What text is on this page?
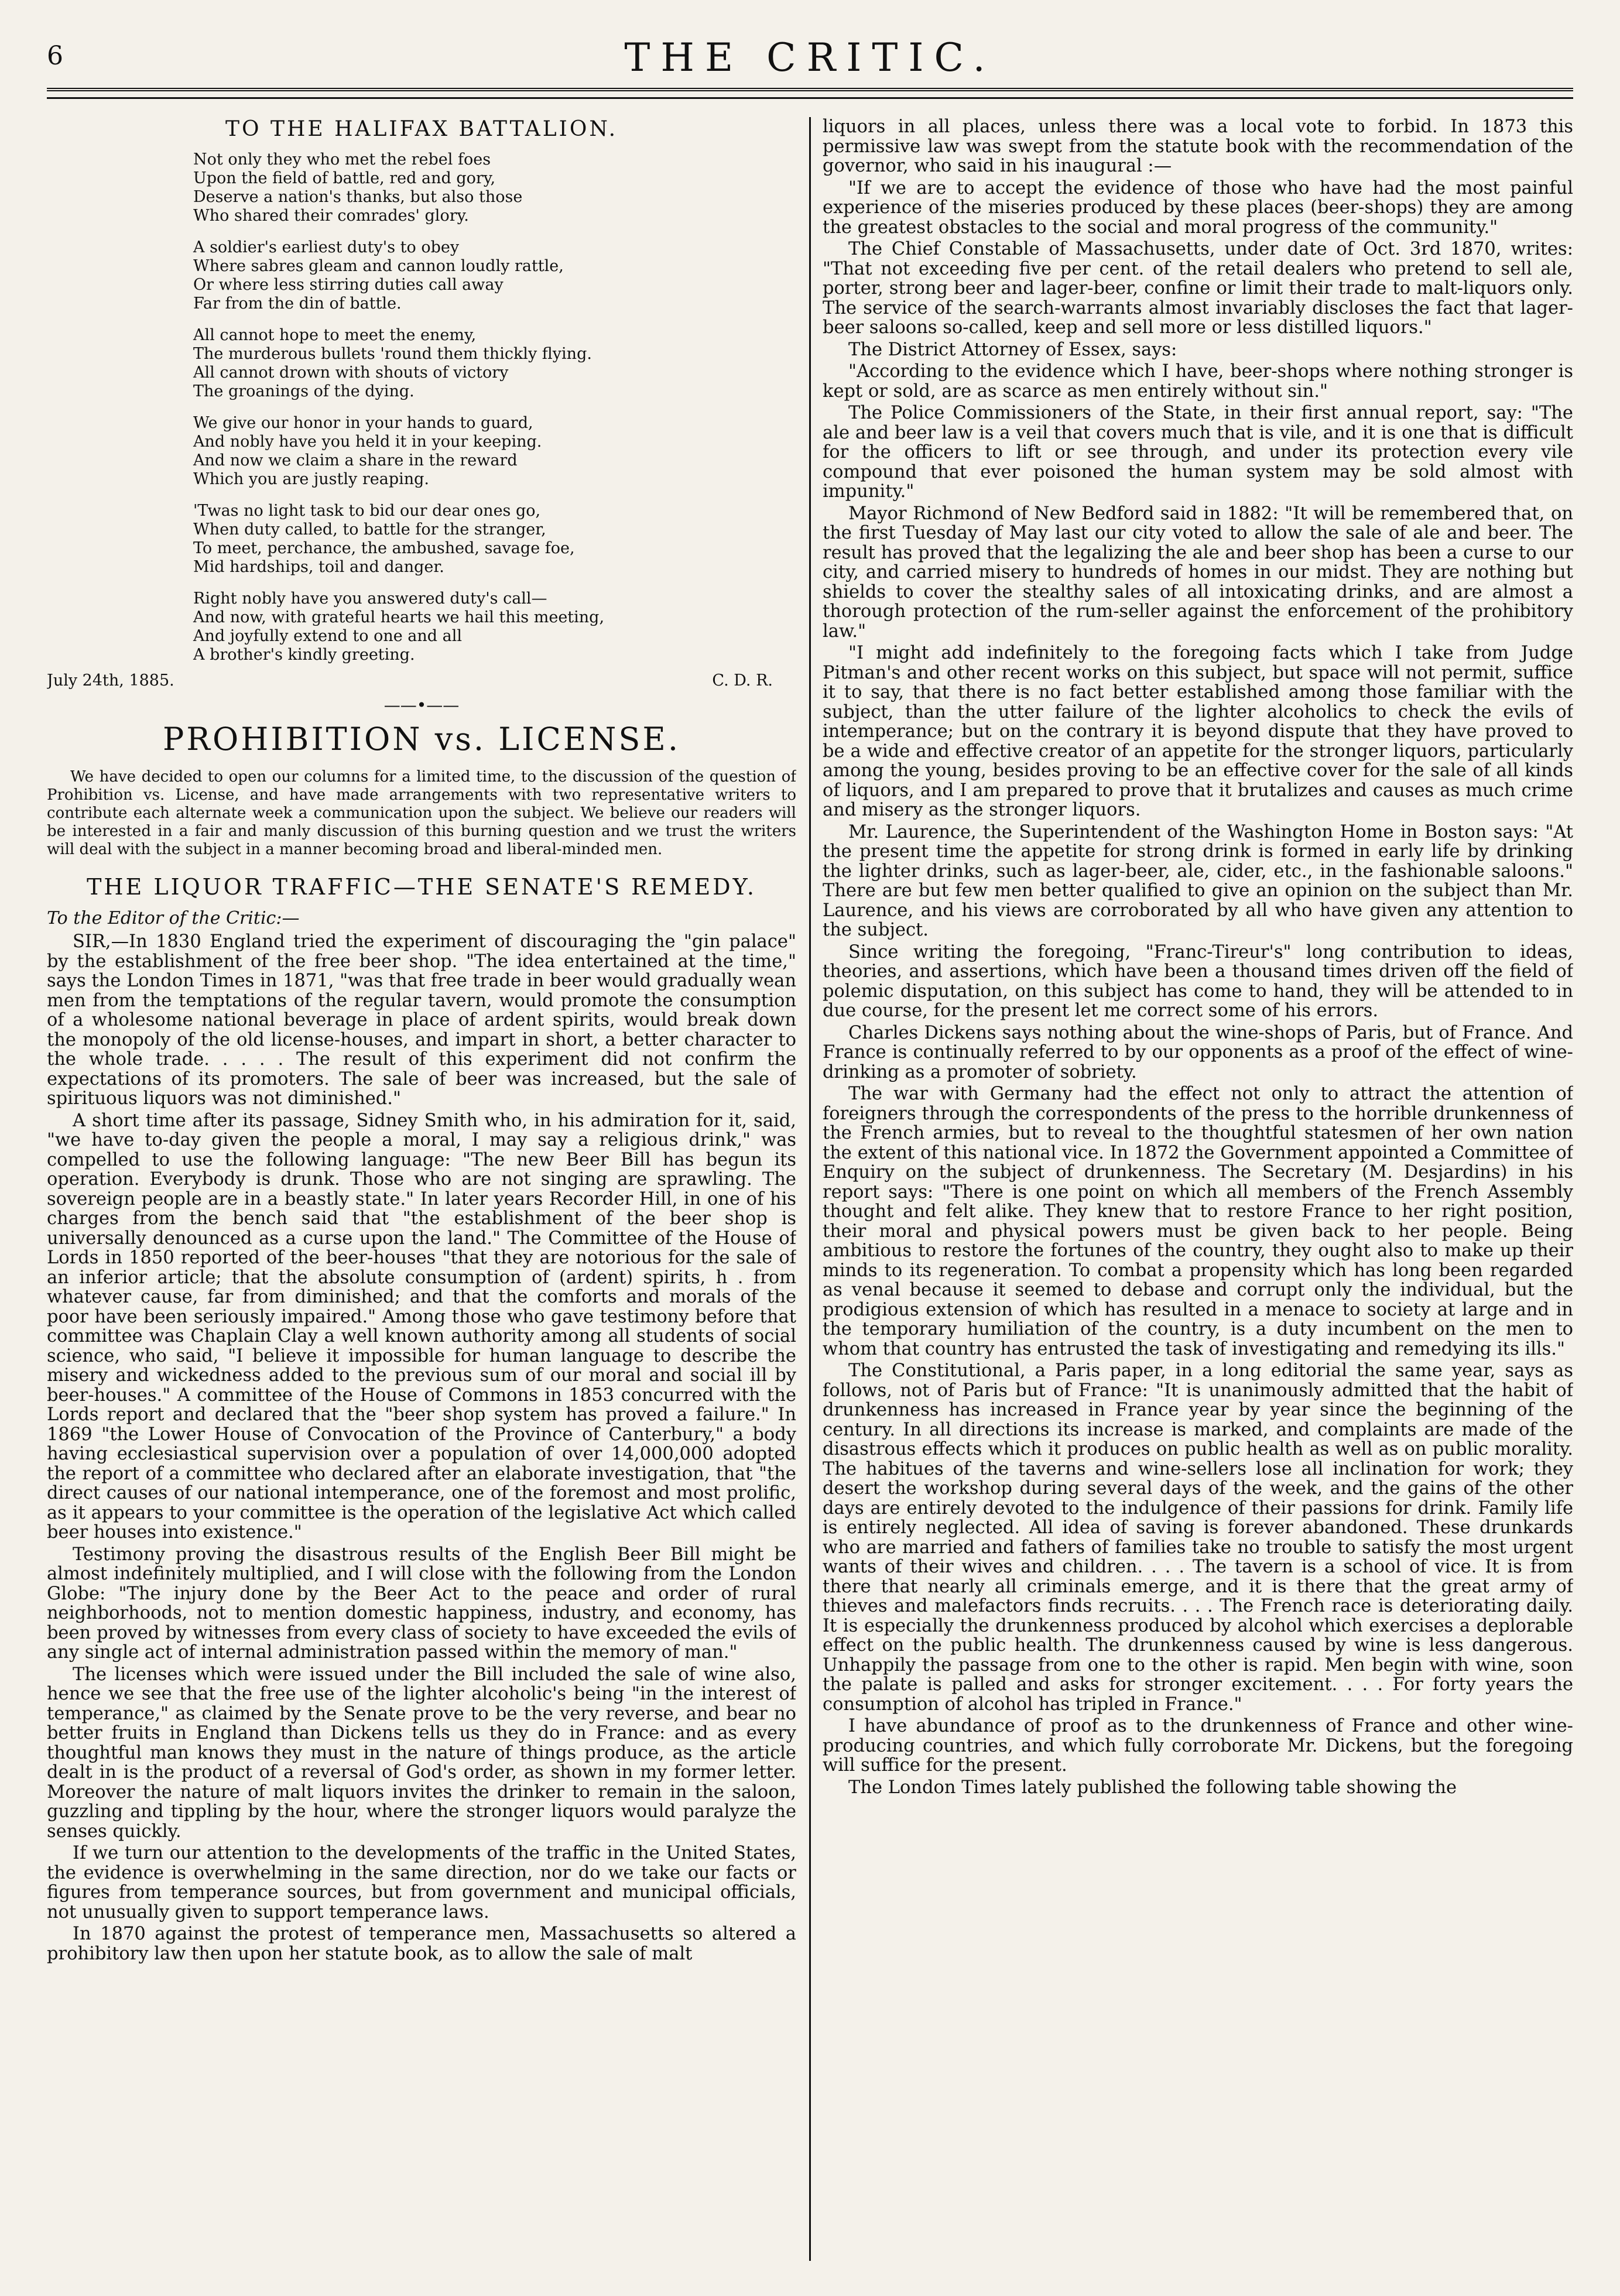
6	THE CRITIC.
TO THE HALIFAX BATTALION.
Not only they who met the rebel foes
Upon the field of battle, red and gory,
Deserve a nation's thanks, but also those
Who shared their comrades' glory.
A soldier's earliest duty's to obey
Where sabres gleam and cannon loudly rattle,
Or where less stirring duties call away
Far from the din of battle.
All cannot hope to meet the enemy,
The murderous bullets 'round them thickly flying.
All cannot drown with shouts of victory
The groanings of the dying.
We give our honor in your hands to guard,
And nobly have you held it in your keeping.
And now we claim a share in the reward
Which you are justly reaping.
'Twas no light task to bid our dear ones go,
When duty called, to battle for the stranger,
To meet, perchance, the ambushed, savage foe,
Mid hardships, toil and danger.
Right nobly have you answered duty's call—
And now, with grateful hearts we hail this meeting,
And joyfully extend to one and all
A brother's kindly greeting.
July 24th, 1885.	C. D. R.
——•——
PROHIBITION vs. LICENSE.

We have decided to open our columns for a limited time, to the discussion of the question of Prohibition vs. License, and have made arrangements with two representative writers to contribute each alternate week a communication upon the subject. We believe our readers will be interested in a fair and manly discussion of this burning question and we trust the writers will deal with the subject in a manner becoming broad and liberal-minded men.

THE LIQUOR TRAFFIC—THE SENATE'S REMEDY.
To the Editor of the Critic:—

SIR,—In 1830 England tried the experiment of discouraging the "gin palace" by the establishment of the free beer shop. "The idea entertained at the time," says the London Times in 1871, "was that free trade in beer would gradually wean men from the temptations of the regular tavern, would promote the consumption of a wholesome national beverage in place of ardent spirits, would break down the monopoly of the old license-houses, and impart in short, a better character to the whole trade. . . . . The result of this experiment did not confirm the expectations of its promoters. The sale of beer was increased, but the sale of spirituous liquors was not diminished."

A short time after its passage, Sidney Smith who, in his admiration for it, said, "we have to-day given the people a moral, I may say a religious drink," was compelled to use the following language: "The new Beer Bill has begun its operation. Everybody is drunk. Those who are not singing are sprawling. The sovereign people are in a beastly state." In later years Recorder Hill, in one of his charges from the bench said that "the establishment of the beer shop is universally denounced as a curse upon the land." The Committee of the House of Lords in 1850 reported of the beer-houses "that they are notorious for the sale of an inferior article; that the absolute consumption of (ardent) spirits, h . from whatever cause, far from diminished; and that the comforts and morals of the poor have been seriously impaired." Among those who gave testimony before that committee was Chaplain Clay a well known authority among all students of social science, who said, "I believe it impossible for human language to describe the misery and wickedness added to the previous sum of our moral and social ill by beer-houses." A committee of the House of Commons in 1853 concurred with the Lords report and declared that the "beer shop system has proved a failure." In 1869 "the Lower House of Convocation of the Province of Canterbury," a body having ecclesiastical supervision over a population of over 14,000,000 adopted the report of a committee who declared after an elaborate investigation, that "the direct causes of our national intemperance, one of the foremost and most prolific, as it appears to your committee is the operation of the legislative Act which called beer houses into existence."

Testimony proving the disastrous results of the English Beer Bill might be almost indefinitely multiplied, and I will close with the following from the London Globe: "The injury done by the Beer Act to the peace and order of rural neighborhoods, not to mention domestic happiness, industry, and economy, has been proved by witnesses from every class of society to have exceeded the evils of any single act of internal administration passed within the memory of man."

The licenses which were issued under the Bill included the sale of wine also, hence we see that the free use of the lighter alcoholic's being "in the interest of temperance," as claimed by the Senate prove to be the very reverse, and bear no better fruits in England than Dickens tells us they do in France: and as every thoughtful man knows they must in the nature of things produce, as the article dealt in is the product of a reversal of God's order, as shown in my former letter. Moreover the nature of malt liquors invites the drinker to remain in the saloon, guzzling and tippling by the hour, where the stronger liquors would paralyze the senses quickly.

If we turn our attention to the developments of the traffic in the United States, the evidence is overwhelming in the same direction, nor do we take our facts or figures from temperance sources, but from government and municipal officials, not unusually given to support temperance laws.

In 1870 against the protest of temperance men, Massachusetts so altered a prohibitory law then upon her statute book, as to allow the sale of malt

liquors in all places, unless there was a local vote to forbid. In 1873 this permissive law was swept from the statute book with the recommendation of the governor, who said in his inaugural :—

"If we are to accept the evidence of those who have had the most painful experience of the miseries produced by these places (beer-shops) they are among the greatest obstacles to the social and moral progress of the community."

The Chief Constable of Massachusetts, under date of Oct. 3rd 1870, writes: "That not exceeding five per cent. of the retail dealers who pretend to sell ale, porter, strong beer and lager-beer, confine or limit their trade to malt-liquors only. The service of the search-warrants almost invariably discloses the fact that lager-beer saloons so-called, keep and sell more or less distilled liquors."

The District Attorney of Essex, says:

"According to the evidence which I have, beer-shops where nothing stronger is kept or sold, are as scarce as men entirely without sin."

The Police Commissioners of the State, in their first annual report, say: "The ale and beer law is a veil that covers much that is vile, and it is one that is difficult for the officers to lift or see through, and under its protection every vile compound that ever poisoned the human system may be sold almost with impunity."

Mayor Richmond of New Bedford said in 1882: "It will be remembered that, on the first Tuesday of May last our city voted to allow the sale of ale and beer. The result has proved that the legalizing the ale and beer shop has been a curse to our city, and carried misery to hundreds of homes in our midst. They are nothing but shields to cover the stealthy sales of all intoxicating drinks, and are almost a thorough protection of the rum-seller against the enforcement of the prohibitory law."

"I might add indefinitely to the foregoing facts which I take from Judge Pitman's and other recent works on this subject, but space will not permit, suffice it to say, that there is no fact better established among those familiar with the subject, than the utter failure of the lighter alcoholics to check the evils of intemperance; but on the contrary it is beyond dispute that they have proved to be a wide and effective creator of an appetite for the stronger liquors, particularly among the young, besides proving to be an effective cover for the sale of all kinds of liquors, and I am prepared to prove that it brutalizes and causes as much crime and misery as the stronger liquors.

Mr. Laurence, the Superintendent of the Washington Home in Boston says: "At the present time the appetite for strong drink is formed in early life by drinking the lighter drinks, such as lager-beer, ale, cider, etc., in the fashionable saloons." There are but few men better qualified to give an opinion on the subject than Mr. Laurence, and his views are corroborated by all who have given any attention to the subject.

Since writing the foregoing, "Franc-Tireur's" long contribution to ideas, theories, and assertions, which have been a thousand times driven off the field of polemic disputation, on this subject has come to hand, they will be attended to in due course, for the present let me correct some of his errors.

Charles Dickens says nothing about the wine-shops of Paris, but of France. And France is continually referred to by our opponents as a proof of the effect of wine-drinking as a promoter of sobriety.

The war with Germany had the effect not only to attract the attention of foreigners through the correspondents of the press to the horrible drunkenness of the French armies, but to reveal to the thoughtful statesmen of her own nation the extent of this national vice. In 1872 the Government appointed a Committee of Enquiry on the subject of drunkenness. The Secretary (M. Desjardins) in his report says: "There is one point on which all members of the French Assembly thought and felt alike. They knew that to restore France to her right position, their moral and physical powers must be given back to her people. Being ambitious to restore the fortunes of the country, they ought also to make up their minds to its regeneration. To combat a propensity which has long been regarded as venal because it seemed to debase and corrupt only the individual, but the prodigious extension of which has resulted in a menace to society at large and in the temporary humiliation of the country, is a duty incumbent on the men to whom that country has entrusted the task of investigating and remedying its ills."

The Constitutional, a Paris paper, in a long editorial the same year, says as follows, not of Paris but of France: "It is unanimously admitted that the habit of drunkenness has increased in France year by year since the beginning of the century. In all directions its increase is marked, and complaints are made of the disastrous effects which it produces on public health as well as on public morality. The habitues of the taverns and wine-sellers lose all inclination for work; they desert the workshop during several days of the week, and the gains of the other days are entirely devoted to the indulgence of their passions for drink. Family life is entirely neglected. All idea of saving is forever abandoned. These drunkards who are married and fathers of families take no trouble to satisfy the most urgent wants of their wives and children. . . . The tavern is a school of vice. It is from there that nearly all criminals emerge, and it is there that the great army of thieves and malefactors finds recruits. . . . The French race is deteriorating daily. It is especially the drunkenness produced by alcohol which exercises a deplorable effect on the public health. The drunkenness caused by wine is less dangerous. Unhappily the passage from one to the other is rapid. Men begin with wine, soon the palate is palled and asks for stronger excitement. . . . For forty years the consumption of alcohol has tripled in France."

I have abundance of proof as to the drunkenness of France and other wine-producing countries, and which fully corroborate Mr. Dickens, but the foregoing will suffice for the present.

The London Times lately published the following table showing the
